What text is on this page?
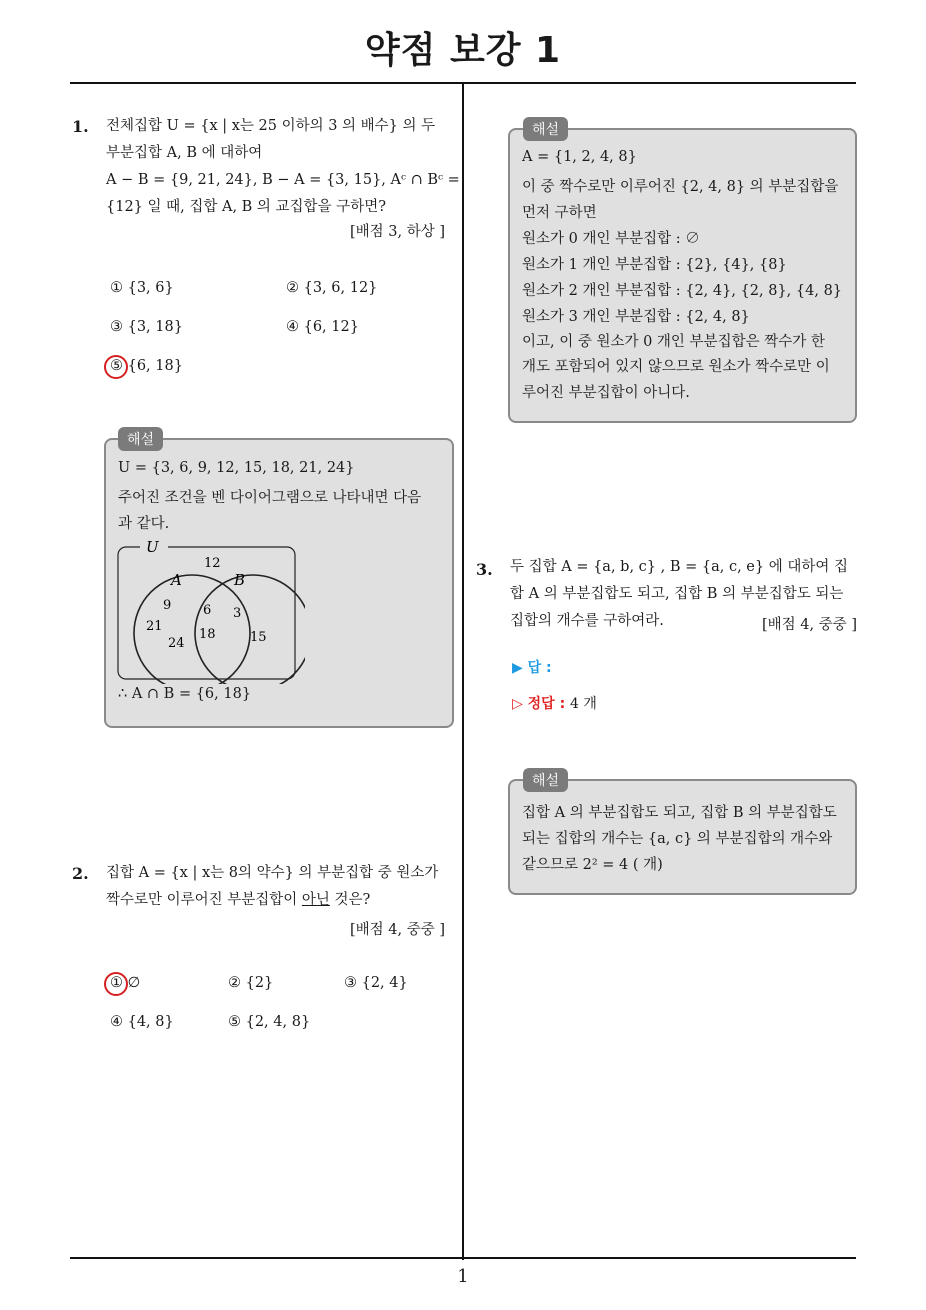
약점 보강 1
1
1. 전체집합 U = {x | x는 25 이하의 3 의 배수} 의 두
부분집합 A, B 에 대하여
A − B = {9, 21, 24}, B − A = {3, 15}, Aᶜ ∩ Bᶜ =
{12} 일 때, 집합 A, B 의 교집합을 구하면?
[배점 3, 하상 ]
① {3, 6}	② {3, 6, 12}
③ {3, 18}	④ {6, 12}
⑤ {6, 18}
해설
U = {3, 6, 9, 12, 15, 18, 21, 24}
주어진 조건을 벤 다이어그램으로 나타내면 다음
과 같다.
U
A	B
12
9
21
24
6
18
3
15
∴ A ∩ B = {6, 18}
2. 집합 A = {x | x는 8의 약수} 의 부분집합 중 원소가
짝수로만 이루어진 부분집합이 아닌 것은?
[배점 4, 중중 ]
① ∅	② {2}	③ {2, 4}
④ {4, 8}	⑤ {2, 4, 8}
해설
A = {1, 2, 4, 8}
이 중 짝수로만 이루어진 {2, 4, 8} 의 부분집합을
먼저 구하면
원소가 0 개인 부분집합 : ∅
원소가 1 개인 부분집합 : {2}, {4}, {8}
원소가 2 개인 부분집합 : {2, 4}, {2, 8}, {4, 8}
원소가 3 개인 부분집합 : {2, 4, 8}
이고, 이 중 원소가 0 개인 부분집합은 짝수가 한
개도 포함되어 있지 않으므로 원소가 짝수로만 이
루어진 부분집합이 아니다.
3. 두 집합 A = {a, b, c} , B = {a, c, e} 에 대하여 집
합 A 의 부분집합도 되고, 집합 B 의 부분집합도 되는
집합의 개수를 구하여라.	[배점 4, 중중 ]
▶ 답 :
▷ 정답 : 4 개
해설
집합 A 의 부분집합도 되고, 집합 B 의 부분집합도
되는 집합의 개수는 {a, c} 의 부분집합의 개수와
같으므로 2² = 4 ( 개)
